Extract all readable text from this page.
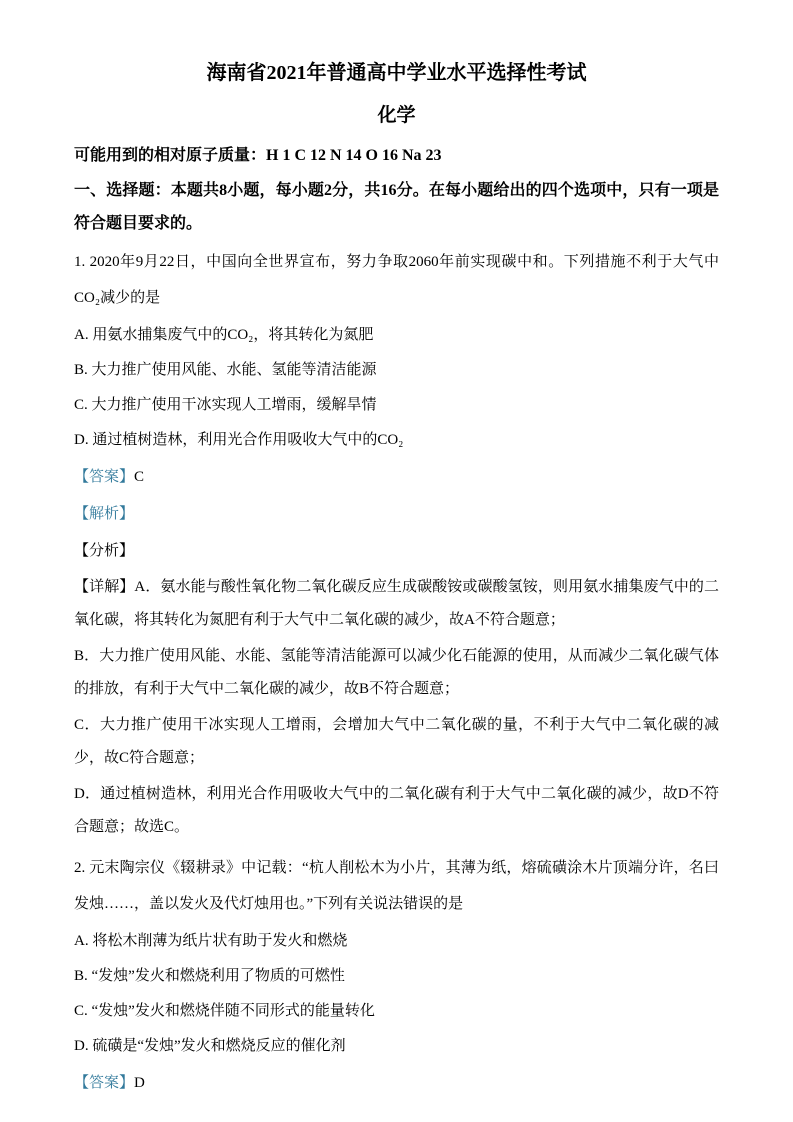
海南省2021年普通高中学业水平选择性考试
化学

可能用到的相对原子质量：H 1 C 12 N 14 O 16 Na 23

一、选择题：本题共8小题，每小题2分，共16分。在每小题给出的四个选项中，只有一项是符合题目要求的。

1. 2020年9月22日，中国向全世界宣布，努力争取2060年前实现碳中和。下列措施不利于大气中CO₂减少的是

A. 用氨水捕集废气中的CO₂，将其转化为氮肥

B. 大力推广使用风能、水能、氢能等清洁能源

C. 大力推广使用干冰实现人工增雨，缓解旱情

D. 通过植树造林，利用光合作用吸收大气中的CO₂

【答案】C

【解析】

【分析】

【详解】A．氨水能与酸性氧化物二氧化碳反应生成碳酸铵或碳酸氢铵，则用氨水捕集废气中的二氧化碳，将其转化为氮肥有利于大气中二氧化碳的减少，故A不符合题意；

B．大力推广使用风能、水能、氢能等清洁能源可以减少化石能源的使用，从而减少二氧化碳气体的排放，有利于大气中二氧化碳的减少，故B不符合题意；

C．大力推广使用干冰实现人工增雨，会增加大气中二氧化碳的量，不利于大气中二氧化碳的减少，故C符合题意；

D．通过植树造林，利用光合作用吸收大气中的二氧化碳有利于大气中二氧化碳的减少，故D不符合题意；故选C。

2. 元末陶宗仪《辍耕录》中记载：“杭人削松木为小片，其薄为纸，熔硫磺涂木片顶端分许，名曰发烛……，盖以发火及代灯烛用也。”下列有关说法错误的是

A. 将松木削薄为纸片状有助于发火和燃烧

B. “发烛”发火和燃烧利用了物质的可燃性

C. “发烛”发火和燃烧伴随不同形式的能量转化

D. 硫磺是“发烛”发火和燃烧反应的催化剂

【答案】D
